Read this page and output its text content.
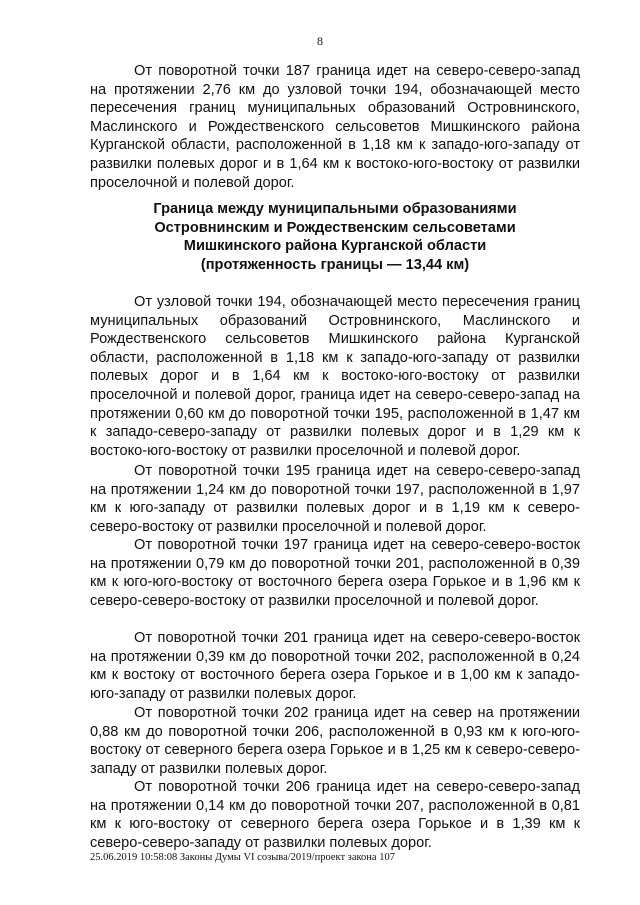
8

От поворотной точки 187 граница идет на северо-северо-запад на протяжении 2,76 км до узловой точки 194, обозначающей место пересечения границ муниципальных образований Островнинского, Маслинского и Рождественского сельсоветов Мишкинского района Курганской области, расположенной в 1,18 км к западо-юго-западу от развилки полевых дорог и в 1,64 км к востоко-юго-востоку от развилки проселочной и полевой дорог.

Граница между муниципальными образованиями
Островнинским и Рождественским сельсоветами
Мишкинского района Курганской области
(протяженность границы — 13,44 км)

От узловой точки 194, обозначающей место пересечения границ муниципальных образований Островнинского, Маслинского и Рождественского сельсоветов Мишкинского района Курганской области, расположенной в 1,18 км к западо-юго-западу от развилки полевых дорог и в 1,64 км к востоко-юго-востоку от развилки проселочной и полевой дорог, граница идет на северо-северо-запад на протяжении 0,60 км до поворотной точки 195, расположенной в 1,47 км к западо-северо-западу от развилки полевых дорог и в 1,29 км к востоко-юго-востоку от развилки проселочной и полевой дорог.

От поворотной точки 195 граница идет на северо-северо-запад на протяжении 1,24 км до поворотной точки 197, расположенной в 1,97 км к юго-западу от развилки полевых дорог и в 1,19 км к северо-северо-востоку от развилки проселочной и полевой дорог.

От поворотной точки 197 граница идет на северо-северо-восток на протяжении 0,79 км до поворотной точки 201, расположенной в 0,39 км к юго-юго-востоку от восточного берега озера Горькое и в 1,96 км к северо-северо-востоку от развилки проселочной и полевой дорог.

От поворотной точки 201 граница идет на северо-северо-восток на протяжении 0,39 км до поворотной точки 202, расположенной в 0,24 км к востоку от восточного берега озера Горькое и в 1,00 км к западо-юго-западу от развилки полевых дорог.

От поворотной точки 202 граница идет на север на протяжении 0,88 км до поворотной точки 206, расположенной в 0,93 км к юго-юго-востоку от северного берега озера Горькое и в 1,25 км к северо-северо-западу от развилки полевых дорог.

От поворотной точки 206 граница идет на северо-северо-запад на протяжении 0,14 км до поворотной точки 207, расположенной в 0,81 км к юго-востоку от северного берега озера Горькое и в 1,39 км к северо-северо-западу от развилки полевых дорог.

25.06.2019 10:58:08 Законы Думы VI созыва/2019/проект закона 107
